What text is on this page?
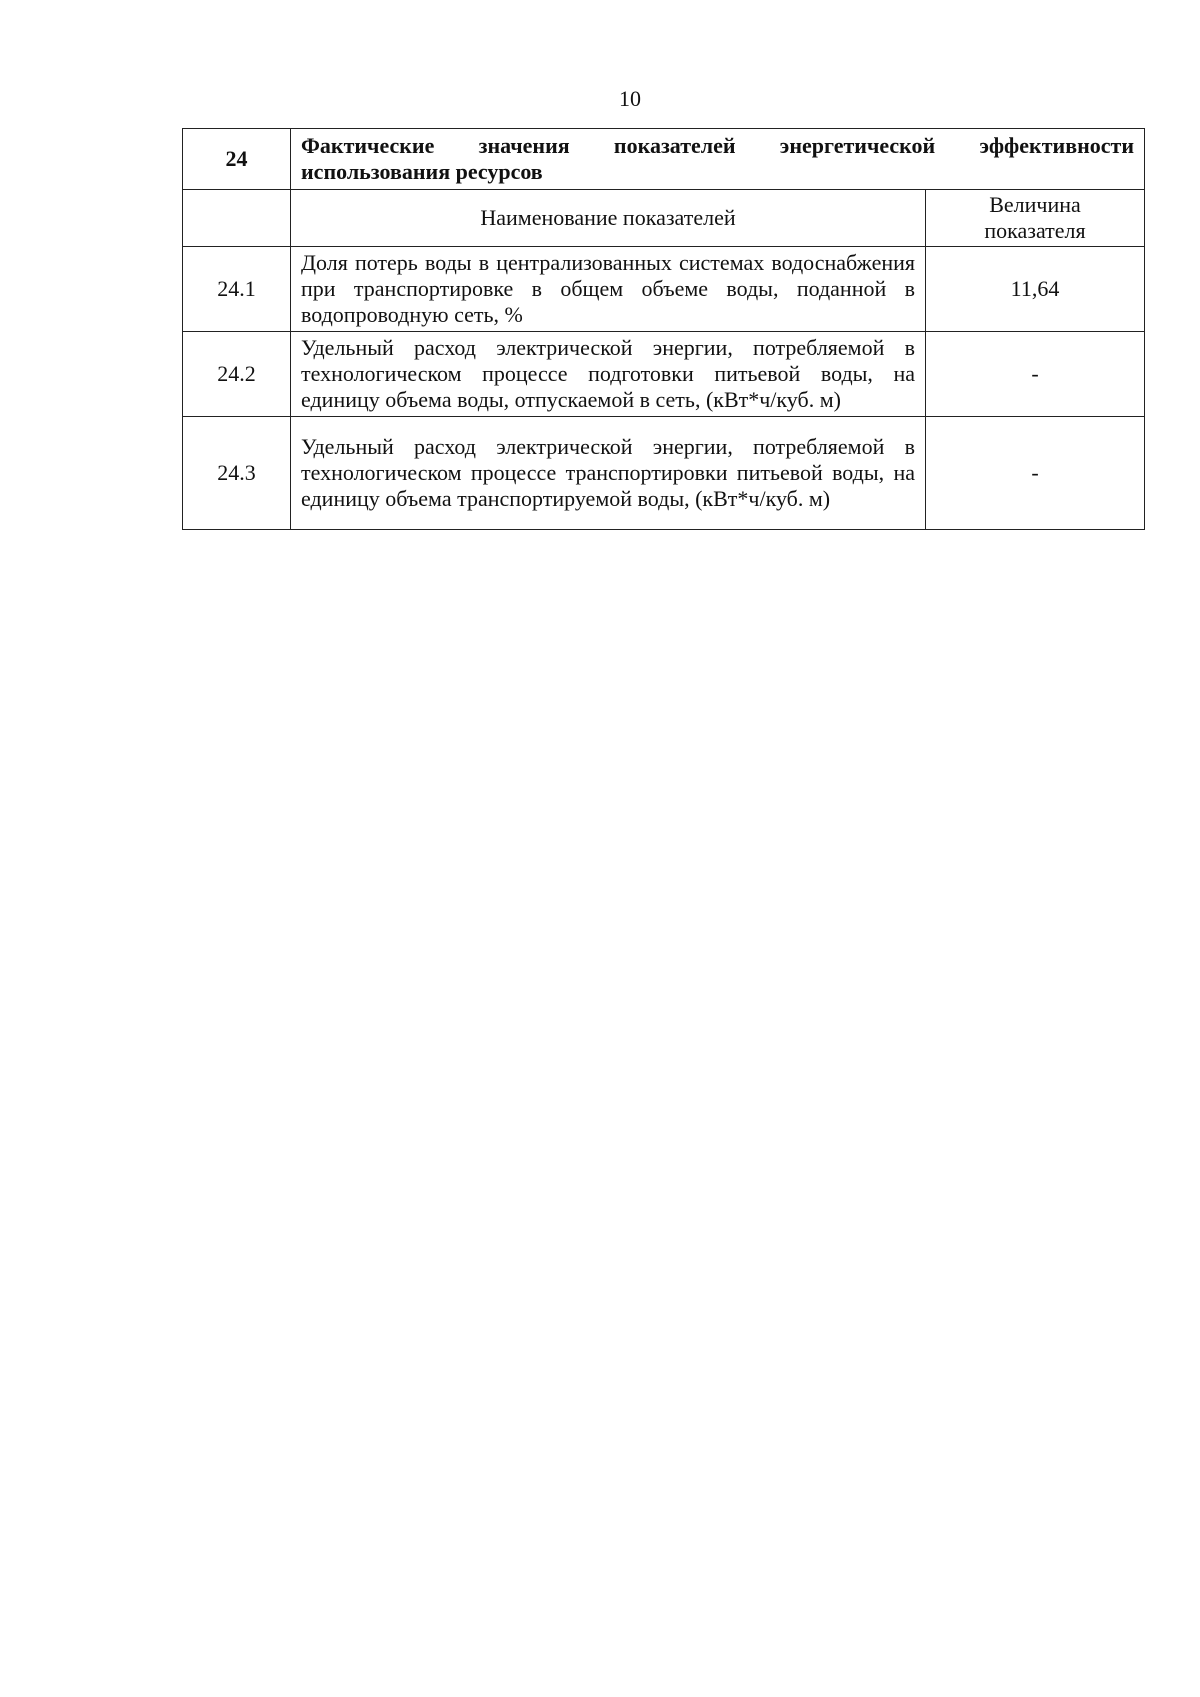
10
24	Фактические значения показателей энергетической эффективности
использования ресурсов	
	Наименование показателей	Величина показателя
24.1	Доля потерь воды в централизованных системах водоснабжения при транспортировке в общем объеме воды, поданной в водопроводную сеть, %	11,64
24.2	Удельный расход электрической энергии, потребляемой в технологическом процессе подготовки питьевой воды, на единицу объема воды, отпускаемой в сеть, (кВт*ч/куб. м)	-
24.3	Удельный расход электрической энергии, потребляемой в технологическом процессе транспортировки питьевой воды, на единицу объема транспортируемой воды, (кВт*ч/куб. м)	-
